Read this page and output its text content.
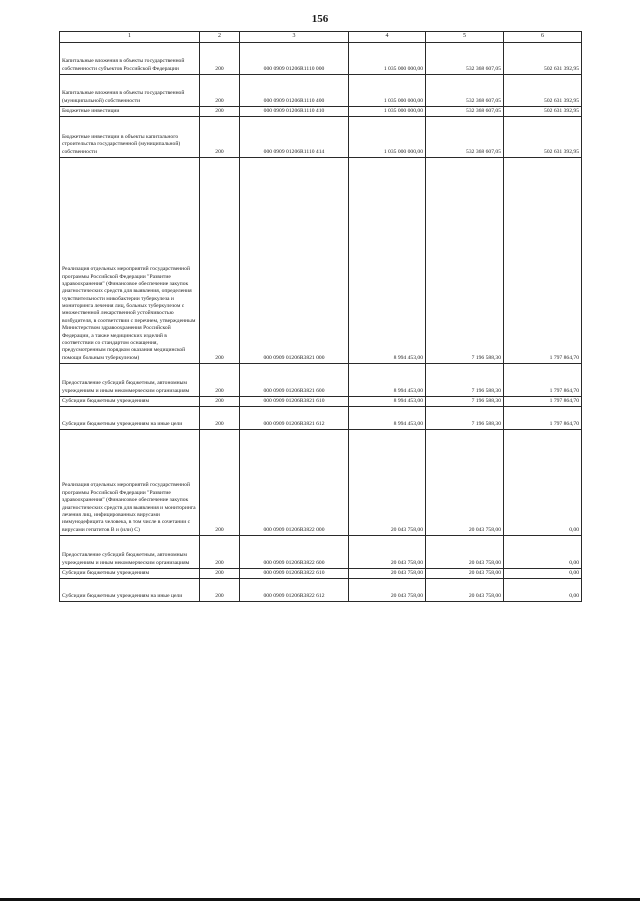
156
1	2	3	4	5	6
Капитальные вложения в объекты государственной собственности субъектов Российской Федерации	200	000 0909 01206R1110 000	1 035 000 000,00	532 368 607,05	502 631 392,95
Капитальные вложения в объекты государственной (муниципальной) собственности	200	000 0909 01206R1110 400	1 035 000 000,00	532 368 607,05	502 631 392,95
Бюджетные инвестиции	200	000 0909 01206R1110 410	1 035 000 000,00	532 368 607,05	502 631 392,95
Бюджетные инвестиции в объекты капитального строительства государственной (муниципальной) собственности	200	000 0909 01206R1110 414	1 035 000 000,00	532 368 607,05	502 631 392,95
Реализация отдельных мероприятий государственной программы Российской Федерации "Развитие здравоохранения" (Финансовое обеспечение закупок диагностических средств для выявления, определения чувствительности микобактерии туберкулеза и мониторинга лечения лиц, больных туберкулезом с множественной лекарственной устойчивостью возбудителя, в соответствии с перечнем, утвержденным Министерством здравоохранения Российской Федерации, а также медицинских изделий в соответствии со стандартом оснащения, предусмотренным порядком оказания медицинской помощи больным туберкулезом)	200	000 0909 01206R3821 000	8 994 453,00	7 196 588,30	1 797 864,70
Предоставление субсидий бюджетным, автономным учреждениям и иным некоммерческим организациям	200	000 0909 01206R3821 600	8 994 453,00	7 196 588,30	1 797 864,70
Субсидии бюджетным учреждениям	200	000 0909 01206R3821 610	8 994 453,00	7 196 588,30	1 797 864,70
Субсидии бюджетным учреждениям на иные цели	200	000 0909 01206R3821 612	8 994 453,00	7 196 588,30	1 797 864,70
Реализация отдельных мероприятий государственной программы Российской Федерации "Развитие здравоохранения" (Финансовое обеспечение закупок диагностических средств для выявления и мониторинга лечения лиц, инфицированных вирусами иммунодефицита человека, в том числе в сочетании с вирусами гепатитов В и (или) С)	200	000 0909 01206R3822 000	20 043 758,00	20 043 758,00	0,00
Предоставление субсидий бюджетным, автономным учреждениям и иным некоммерческим организациям	200	000 0909 01206R3822 600	20 043 758,00	20 043 758,00	0,00
Субсидии бюджетным учреждениям	200	000 0909 01206R3822 610	20 043 758,00	20 043 758,00	0,00
Субсидии бюджетным учреждениям на иные цели	200	000 0909 01206R3822 612	20 043 758,00	20 043 758,00	0,00
